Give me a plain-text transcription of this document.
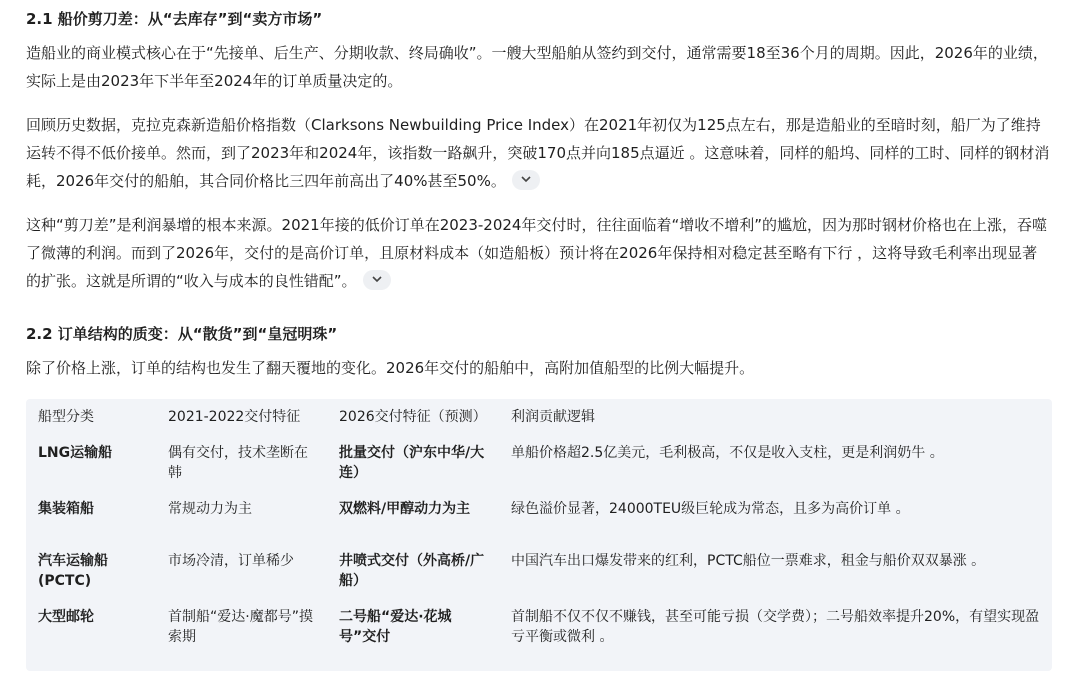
2.1 船价剪刀差：从“去库存”到“卖方市场”

造船业的商业模式核心在于“先接单、后生产、分期收款、终局确收”。一艘大型船舶从签约到交付，通常需要18至36个月的周期。因此，2026年的业绩，实际上是由2023年下半年至2024年的订单质量决定的。

回顾历史数据，克拉克森新造船价格指数（Clarksons Newbuilding Price Index）在2021年初仅为125点左右，那是造船业的至暗时刻，船厂为了维持运转不得不低价接单。然而，到了2023年和2024年，该指数一路飙升，突破170点并向185点逼近 。这意味着，同样的船坞、同样的工时、同样的钢材消耗，2026年交付的船舶，其合同价格比三四年前高出了40%甚至50%。

这种“剪刀差”是利润暴增的根本来源。2021年接的低价订单在2023-2024年交付时，往往面临着“增收不增利”的尴尬，因为那时钢材价格也在上涨，吞噬了微薄的利润。而到了2026年，交付的是高价订单，且原材料成本（如造船板）预计将在2026年保持相对稳定甚至略有下行 ，这将导致毛利率出现显著的扩张。这就是所谓的“收入与成本的良性错配”。

2.2 订单结构的质变：从“散货”到“皇冠明珠”

除了价格上涨，订单的结构也发生了翻天覆地的变化。2026年交付的船舶中，高附加值船型的比例大幅提升。

船型分类	2021-2022交付特征	2026交付特征（预测）	利润贡献逻辑
LNG运输船	偶有交付，技术垄断在韩	批量交付（沪东中华/大连）	单船价格超2.5亿美元，毛利极高，不仅是收入支柱，更是利润奶牛 。
集装箱船	常规动力为主	双燃料/甲醇动力为主	绿色溢价显著，24000TEU级巨轮成为常态，且多为高价订单 。
汽车运输船 (PCTC)	市场冷清，订单稀少	井喷式交付（外高桥/广船）	中国汽车出口爆发带来的红利，PCTC船位一票难求，租金与船价双双暴涨 。
大型邮轮	首制船“爱达·魔都号”摸索期	二号船“爱达·花城号”交付	首制船不仅不仅不赚钱，甚至可能亏损（交学费）；二号船效率提升20%，有望实现盈亏平衡或微利 。
